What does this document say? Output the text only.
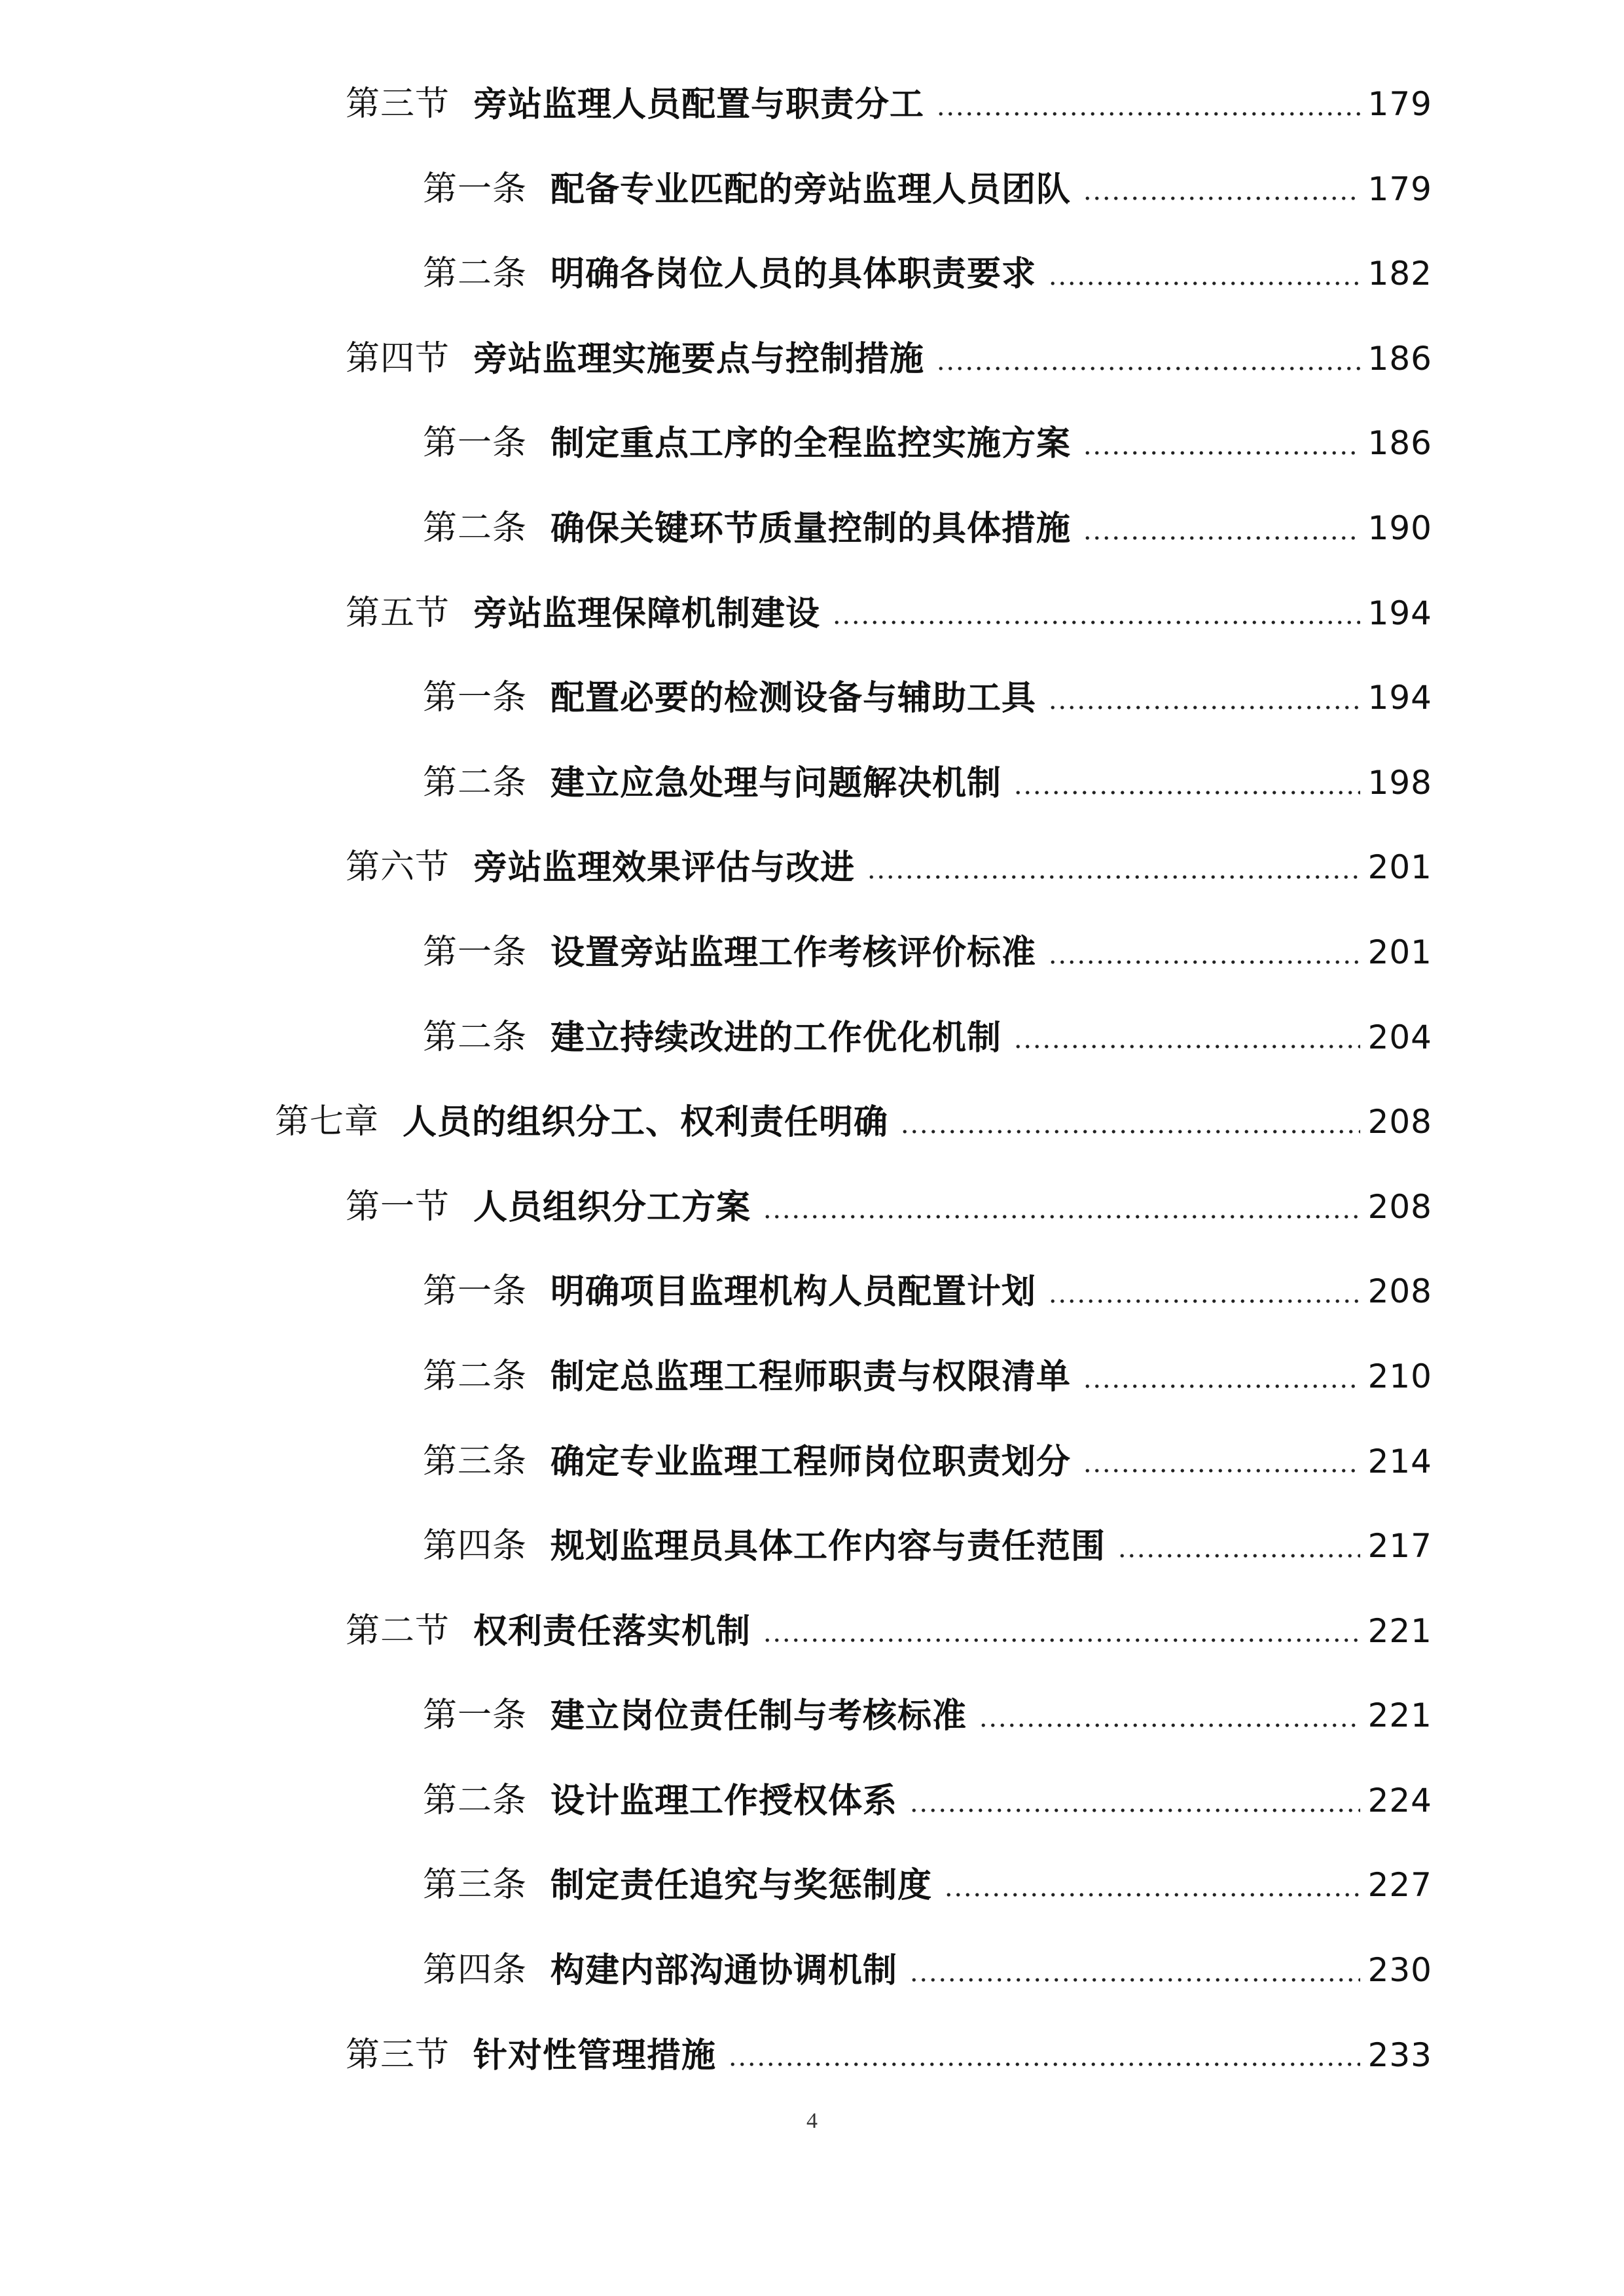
第三节 旁站监理人员配置与职责分工	179
第一条 配备专业匹配的旁站监理人员团队	179
第二条 明确各岗位人员的具体职责要求	182
第四节 旁站监理实施要点与控制措施	186
第一条 制定重点工序的全程监控实施方案	186
第二条 确保关键环节质量控制的具体措施	190
第五节 旁站监理保障机制建设	194
第一条 配置必要的检测设备与辅助工具	194
第二条 建立应急处理与问题解决机制	198
第六节 旁站监理效果评估与改进	201
第一条 设置旁站监理工作考核评价标准	201
第二条 建立持续改进的工作优化机制	204
第七章 人员的组织分工、权利责任明确	208
第一节 人员组织分工方案	208
第一条 明确项目监理机构人员配置计划	208
第二条 制定总监理工程师职责与权限清单	210
第三条 确定专业监理工程师岗位职责划分	214
第四条 规划监理员具体工作内容与责任范围	217
第二节 权利责任落实机制	221
第一条 建立岗位责任制与考核标准	221
第二条 设计监理工作授权体系	224
第三条 制定责任追究与奖惩制度	227
第四条 构建内部沟通协调机制	230
第三节 针对性管理措施	233
4
